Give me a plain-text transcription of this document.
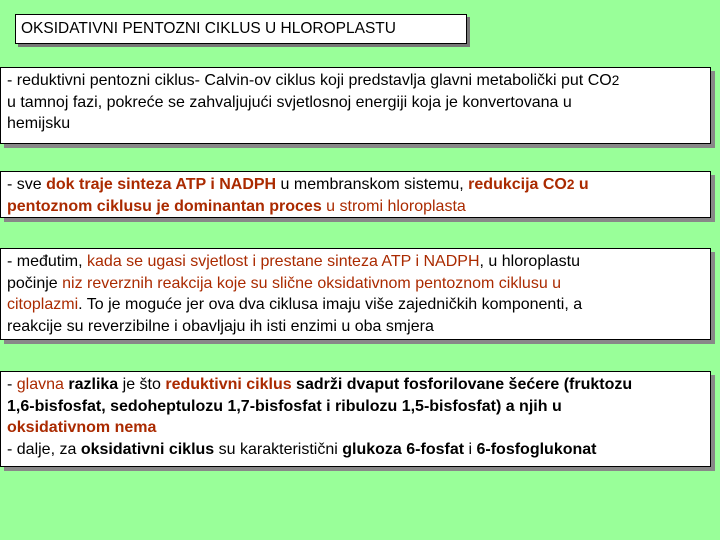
OKSIDATIVNI PENTOZNI CIKLUS U HLOROPLASTU
- reduktivni pentozni ciklus- Calvin-ov ciklus koji predstavlja glavni metabolički put CO2
u tamnoj fazi, pokreće se zahvaljujući svjetlosnoj energiji koja je konvertovana u
hemijsku
- sve dok traje sinteza ATP i NADPH u membranskom sistemu, redukcija CO2 u
pentoznom ciklusu je dominantan proces u stromi hloroplasta
- međutim, kada se ugasi svjetlost i prestane sinteza ATP i NADPH, u hloroplastu
počinje niz reverznih reakcija koje su slične oksidativnom pentoznom ciklusu u
citoplazmi. To je moguće jer ova dva ciklusa imaju više zajedničkih komponenti, a
reakcije su reverzibilne i obavljaju ih isti enzimi u oba smjera
- glavna razlika je što reduktivni ciklus sadrži dvaput fosforilovane šećere (fruktozu
1,6-bisfosfat, sedoheptulozu 1,7-bisfosfat i ribulozu 1,5-bisfosfat) a njih u
oksidativnom nema
- dalje, za oksidativni ciklus su karakteristični glukoza 6-fosfat i 6-fosfoglukonat
